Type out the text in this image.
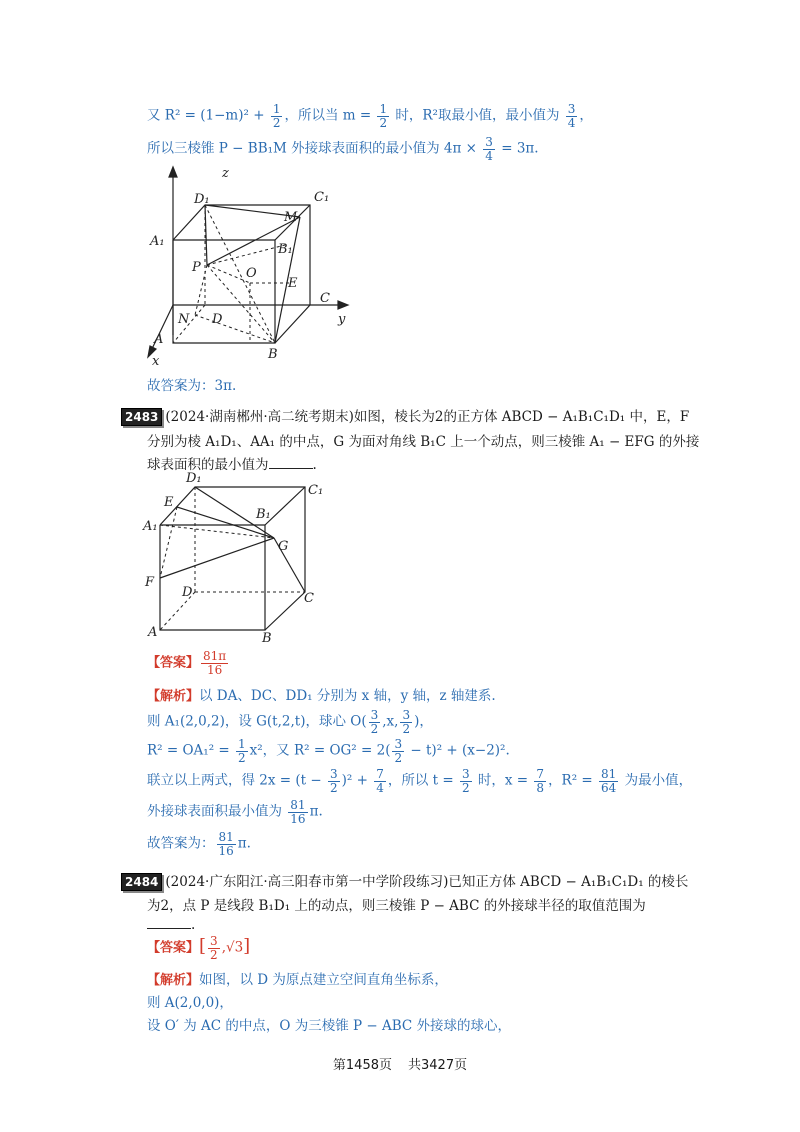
又 $R^2 = (1-m)^2 + \frac{1}{2}$ ，所以当 $m = \frac{1}{2}$ 时，R²取最小值，最小值为 $\frac{3}{4}$ ，
所以三棱锥 P − BB₁M 外接球表面积的最小值为 $4\pi \times \frac{3}{4} = 3\pi$.
z
y
x
D₁	C₁
A₁
M
B₁
P	O
E
C
N D
A
B
故答案为：3π.
2483 (2024·湖南郴州·高二统考期末)如图，棱长为2的正方体 ABCD − A₁B₁C₁D₁ 中，E，F
分别为棱 A₁D₁、AA₁ 的中点，G 为面对角线 B₁C 上一个动点，则三棱锥 A₁ − EFG 的外接
球表面积的最小值为	.
D₁
C₁
E
B₁
A₁
G
F
D	C
A	B
【答案】 $\frac{81\pi}{16}$
【解析】以 DA、DC、DD₁ 分别为 x 轴，y 轴，z 轴建系.
则 A₁(2,0,2)，设 G(t,2,t)，球心 $O( \frac{3}{2} ,x$, $\frac{3}{2}$ )，
$R^2 = OA_1^2 = \frac{1}{2} x^2$，又 $R^2 = OG^2 = 2( \frac{3}{2} - t)^2 + (x-2)^2$.
联立以上两式，得 $2x = (t - \frac{3}{2} )^2 + \frac{7}{4}$ ，所以 $t = \frac{3}{2}$ 时，$x = \frac{7}{8}$ ，$R^2 = \frac{81}{64}$ 为最小值，
外接球表面积最小值为 $\frac{81}{16} \pi$.
故答案为： $\frac{81}{16} \pi$.
2484 (2024·广东阳江·高三阳春市第一中学阶段练习)已知正方体 ABCD − A₁B₁C₁D₁ 的棱长
为2，点 P 是线段 B₁D₁ 上的动点，则三棱锥 P − ABC 的外接球半径的取值范围为
.
【答案】[ $\frac{3}{2} ,√3$]
【解析】如图，以 D 为原点建立空间直角坐标系，
则 A(2,0,0)，
设 O′ 为 AC 的中点，O 为三棱锥 P − ABC 外接球的球心，
第1458页 共3427页
